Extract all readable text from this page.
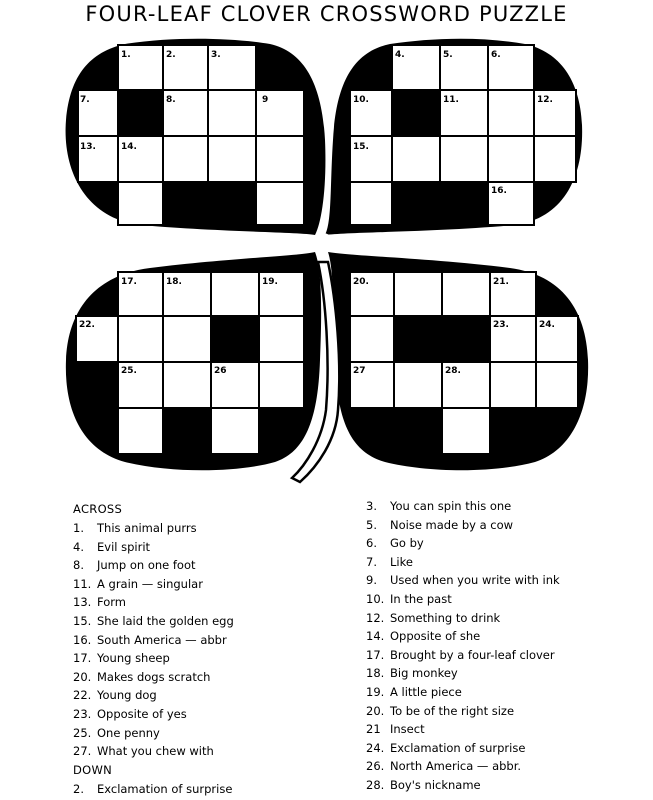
FOUR-LEAF CLOVER CROSSWORD PUZZLE
1.	2.	3.	4.	5.	6.
7.	8.	9	10.	11.	12.
13.	14.	15.
16.
17.	18.	19.	20.	21.
22.	23.	24.
25.	26	27	28.
ACROSS
1. This animal purrs
4. Evil spirit
8. Jump on one foot
11. A grain — singular
13. Form
15. She laid the golden egg
16. South America — abbr
17. Young sheep
20. Makes dogs scratch
22. Young dog
23. Opposite of yes
25. One penny
27. What you chew with
DOWN
2. Exclamation of surprise
3. You can spin this one
5. Noise made by a cow
6. Go by
7. Like
9. Used when you write with ink
10. In the past
12. Something to drink
14. Opposite of she
17. Brought by a four-leaf clover
18. Big monkey
19. A little piece
20. To be of the right size
21 Insect
24. Exclamation of surprise
26. North America — abbr.
28. Boy's nickname
